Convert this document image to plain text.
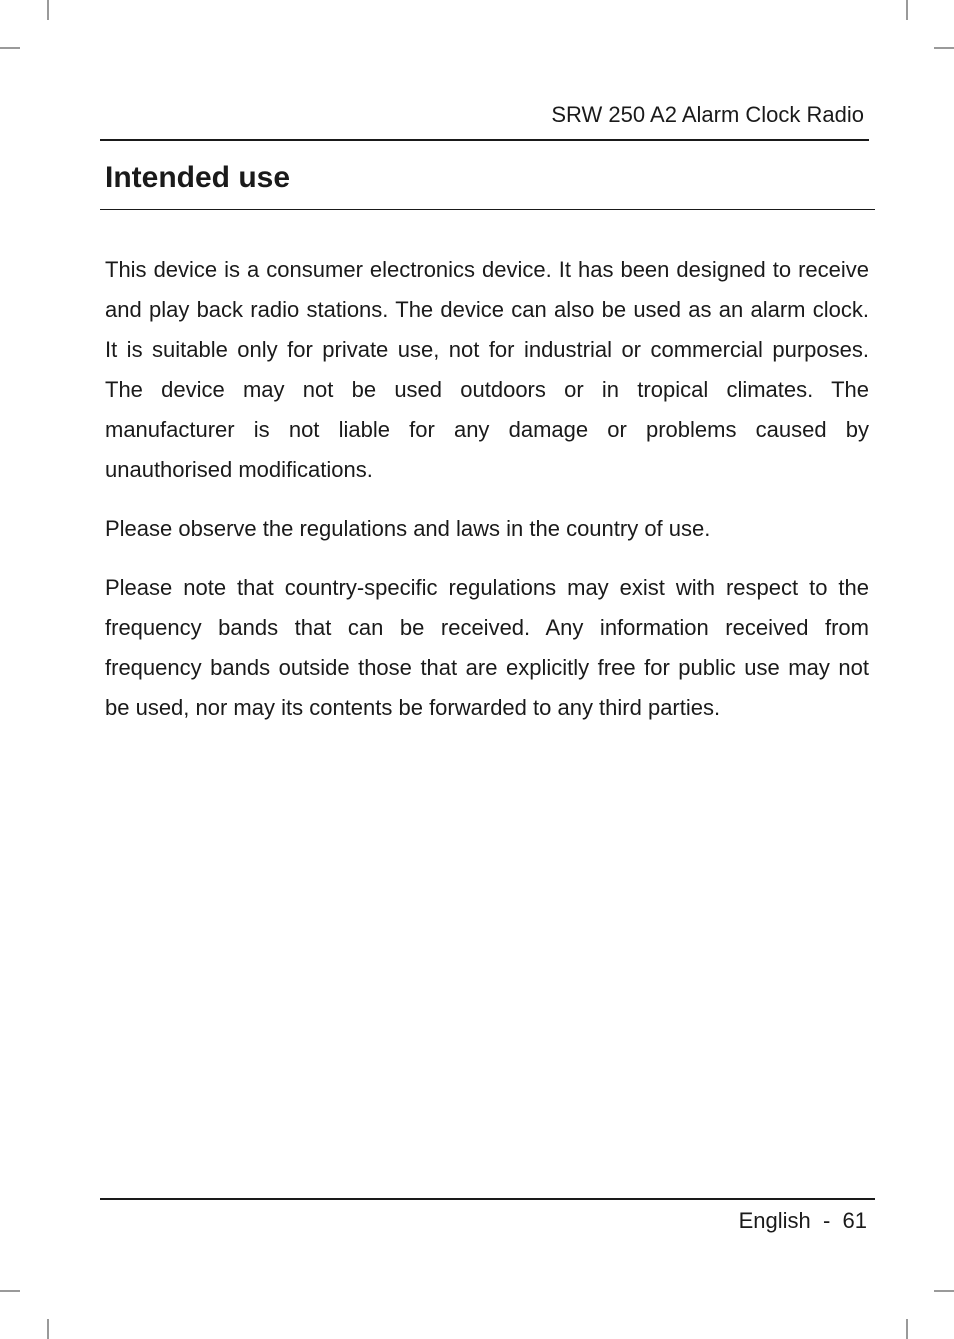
SRW 250 A2 Alarm Clock Radio
Intended use

This device is a consumer electronics device. It has been designed to receive and play back radio stations. The device can also be used as an alarm clock. It is suitable only for private use, not for industrial or commercial purposes. The device may not be used outdoors or in tropical climates. The manufacturer is not liable for any damage or problems caused by unauthorised modifications.

Please observe the regulations and laws in the country of use.

Please note that country-specific regulations may exist with respect to the frequency bands that can be received. Any information received from frequency bands outside those that are explicitly free for public use may not be used, nor may its contents be forwarded to any third parties.

English  -  61
